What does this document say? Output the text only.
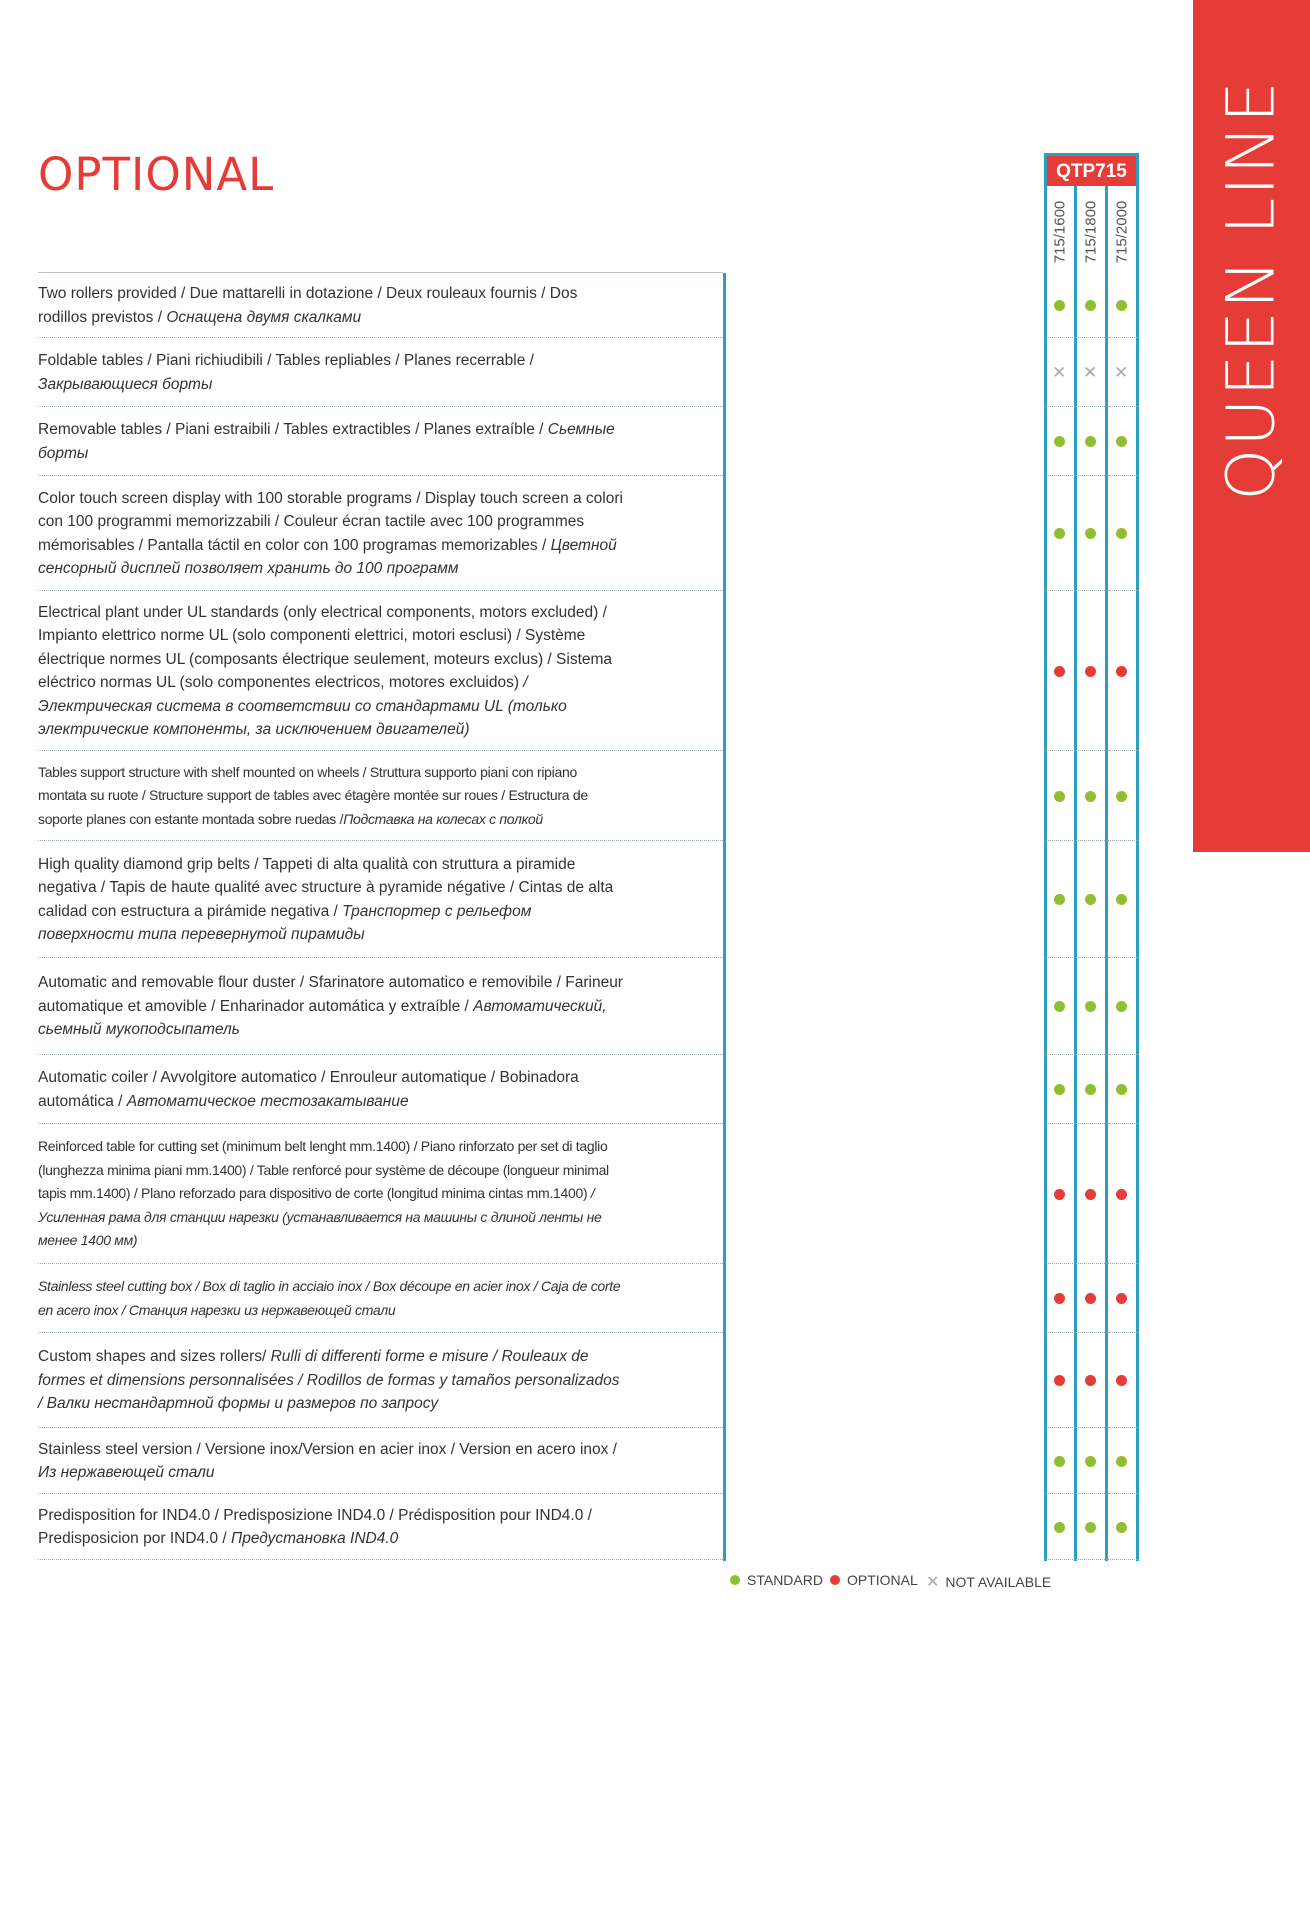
QUEEN LINE
OPTIONAL	QTP715
715/1600 715/1800 715/2000
Two rollers provided / Due mattarelli in dotazione / Deux rouleaux fournis / Dos rodillos previstos / Оснащена двумя скалками
Foldable tables / Piani richiudibili / Tables repliables / Planes recerrable / Закрывающиеся борты
Removable tables / Piani estraibili / Tables extractibles / Planes extraíble / Сьемные борты
Color touch screen display with 100 storable programs / Display touch screen a colori con 100 programmi memorizzabili / Couleur écran tactile avec 100 programmes mémorisables / Pantalla táctil en color con 100 programas memorizables / Цветной сенсорный дисплей позволяет хранить до 100 программ
Electrical plant under UL standards (only electrical components, motors excluded) / Impianto elettrico norme UL (solo componenti elettrici, motori esclusi) / Système électrique normes UL (composants électrique seulement, moteurs exclus) / Sistema eléctrico normas UL (solo componentes electricos, motores excluidos) / Электрическая система в соответствии со стандартами UL (только электрические компоненты, за исключением двигателей)
Tables support structure with shelf mounted on wheels / Struttura supporto piani con ripiano montata su ruote / Structure support de tables avec étagère montée sur roues / Estructura de soporte planes con estante montada sobre ruedas /Подставка на колесах с полкой
High quality diamond grip belts / Tappeti di alta qualità con struttura a piramide negativa / Tapis de haute qualité avec structure à pyramide négative / Cintas de alta calidad con estructura a pirámide negativa / Транспортер с рельефом поверхности типа перевернутой пирамиды
Automatic and removable flour duster / Sfarinatore automatico e removibile / Farineur automatique et amovible / Enharinador automática y extraíble / Автоматический, сьемный мукоподсыпатель
Automatic coiler / Avvolgitore automatico / Enrouleur automatique / Bobinadora automática / Автоматическое тестозакатывание
Reinforced table for cutting set (minimum belt lenght mm.1400) / Piano rinforzato per set di taglio (lunghezza minima piani mm.1400) / Table renforcé pour système de découpe (longueur minimal tapis mm.1400) / Plano reforzado para dispositivo de corte (longitud minima cintas mm.1400) / Усиленная рама для станции нарезки (устанавливается на машины с длиной ленты не менее 1400 мм)
Stainless steel cutting box / Box di taglio in acciaio inox / Box découpe en acier inox / Caja de corte en acero inox / Станция нарезки из нержавеющей стали
Custom shapes and sizes rollers/ Rulli di differenti forme e misure / Rouleaux de formes et dimensions personnalisées / Rodillos de formas y tamaños personalizados / Валки нестандартной формы и размеров по запросу
Stainless steel version / Versione inox/Version en acier inox / Version en acero inox / Из нержавеющей стали
Predisposition for IND4.0 / Predisposizione IND4.0 / Prédisposition pour IND4.0 / Predisposicion por IND4.0 / Предустановка IND4.0
✕ ✕ ✕
STANDARD OPTIONAL ✕ NOT AVAILABLE
